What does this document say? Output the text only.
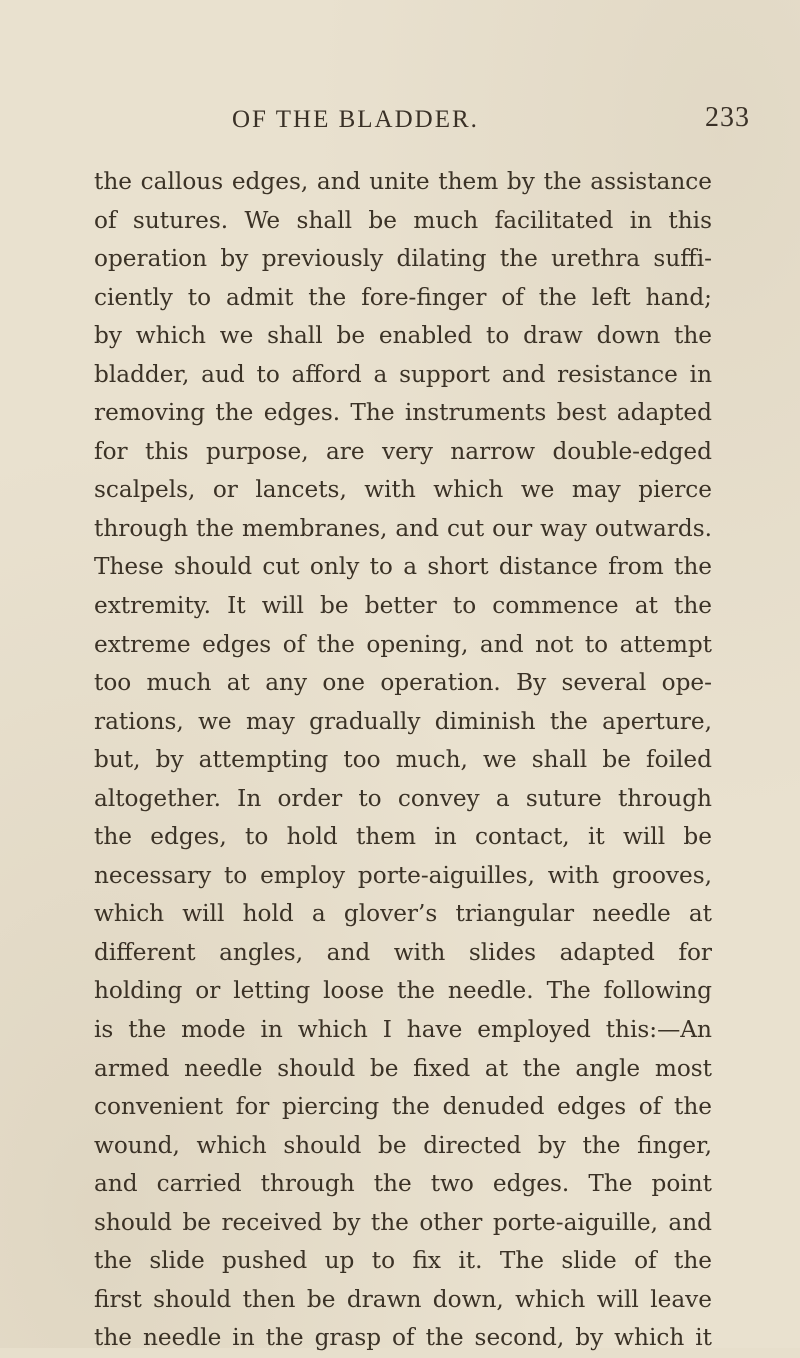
OF THE BLADDER.	233
the callous edges, and unite them by the assistance
of sutures. We shall be much facilitated in this
operation by previously dilating the urethra suffi-
ciently to admit the fore-finger of the left hand;
by which we shall be enabled to draw down the
bladder, aud to afford a support and resistance in
removing the edges. The instruments best adapted
for this purpose, are very narrow double-edged
scalpels, or lancets, with which we may pierce
through the membranes, and cut our way outwards.
These should cut only to a short distance from the
extremity. It will be better to commence at the
extreme edges of the opening, and not to attempt
too much at any one operation. By several ope-
rations, we may gradually diminish the aperture,
but, by attempting too much, we shall be foiled
altogether. In order to convey a suture through
the edges, to hold them in contact, it will be
necessary to employ porte-aiguilles, with grooves,
which will hold a glover’s triangular needle at
different angles, and with slides adapted for
holding or letting loose the needle. The following
is the mode in which I have employed this:—An
armed needle should be fixed at the angle most
convenient for piercing the denuded edges of the
wound, which should be directed by the finger,
and carried through the two edges. The point
should be received by the other porte-aiguille, and
the slide pushed up to fix it. The slide of the
first should then be drawn down, which will leave
the needle in the grasp of the second, by which it
